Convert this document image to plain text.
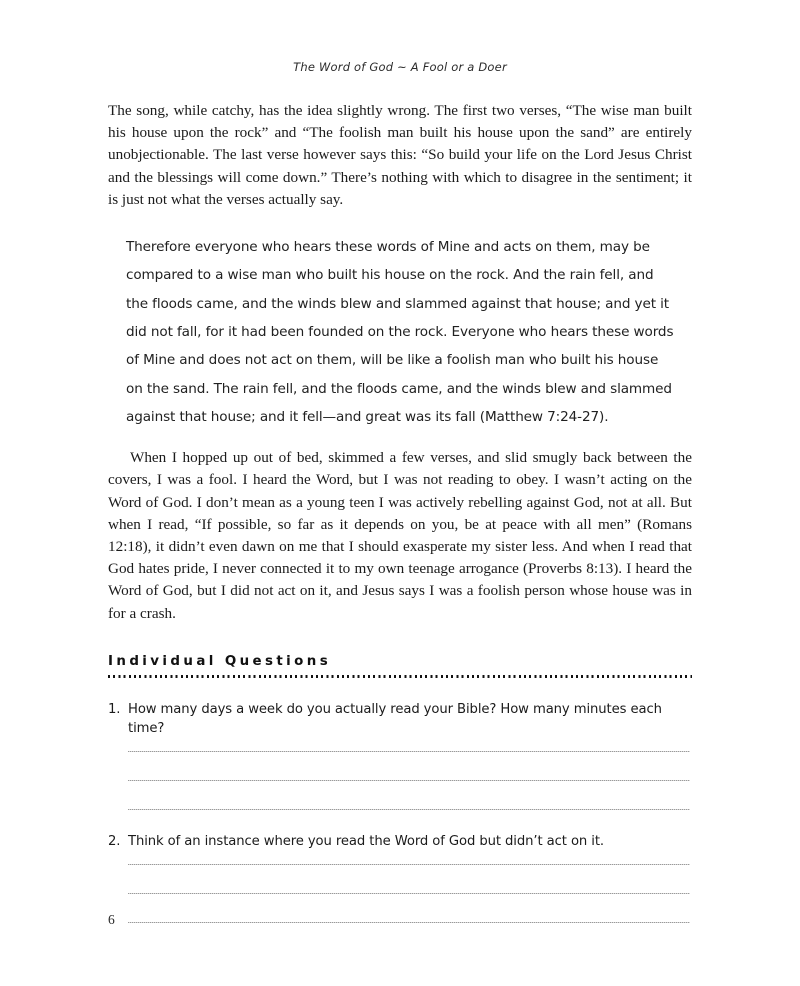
The Word of God ~ A Fool or a Doer

The song, while catchy, has the idea slightly wrong. The first two verses, “The wise man built his house upon the rock” and “The foolish man built his house upon the sand” are entirely unobjectionable. The last verse however says this: “So build your life on the Lord Jesus Christ and the blessings will come down.” There’s nothing with which to disagree in the sentiment; it is just not what the verses actually say.

Therefore everyone who hears these words of Mine and acts on them, may be compared to a wise man who built his house on the rock. And the rain fell, and the floods came, and the winds blew and slammed against that house; and yet it did not fall, for it had been founded on the rock. Everyone who hears these words of Mine and does not act on them, will be like a foolish man who built his house on the sand. The rain fell, and the floods came, and the winds blew and slammed against that house; and it fell—and great was its fall (Matthew 7:24-27).

When I hopped up out of bed, skimmed a few verses, and slid smugly back between the covers, I was a fool. I heard the Word, but I was not reading to obey. I wasn’t acting on the Word of God. I don’t mean as a young teen I was actively rebelling against God, not at all. But when I read, “If possible, so far as it depends on you, be at peace with all men” (Romans 12:18), it didn’t even dawn on me that I should exasperate my sister less. And when I read that God hates pride, I never connected it to my own teenage arrogance (Proverbs 8:13). I heard the Word of God, but I did not act on it, and Jesus says I was a foolish person whose house was in for a crash.

Individual Questions
1. How many days a week do you actually read your Bible? How many minutes each time?
2. Think of an instance where you read the Word of God but didn’t act on it.
6
